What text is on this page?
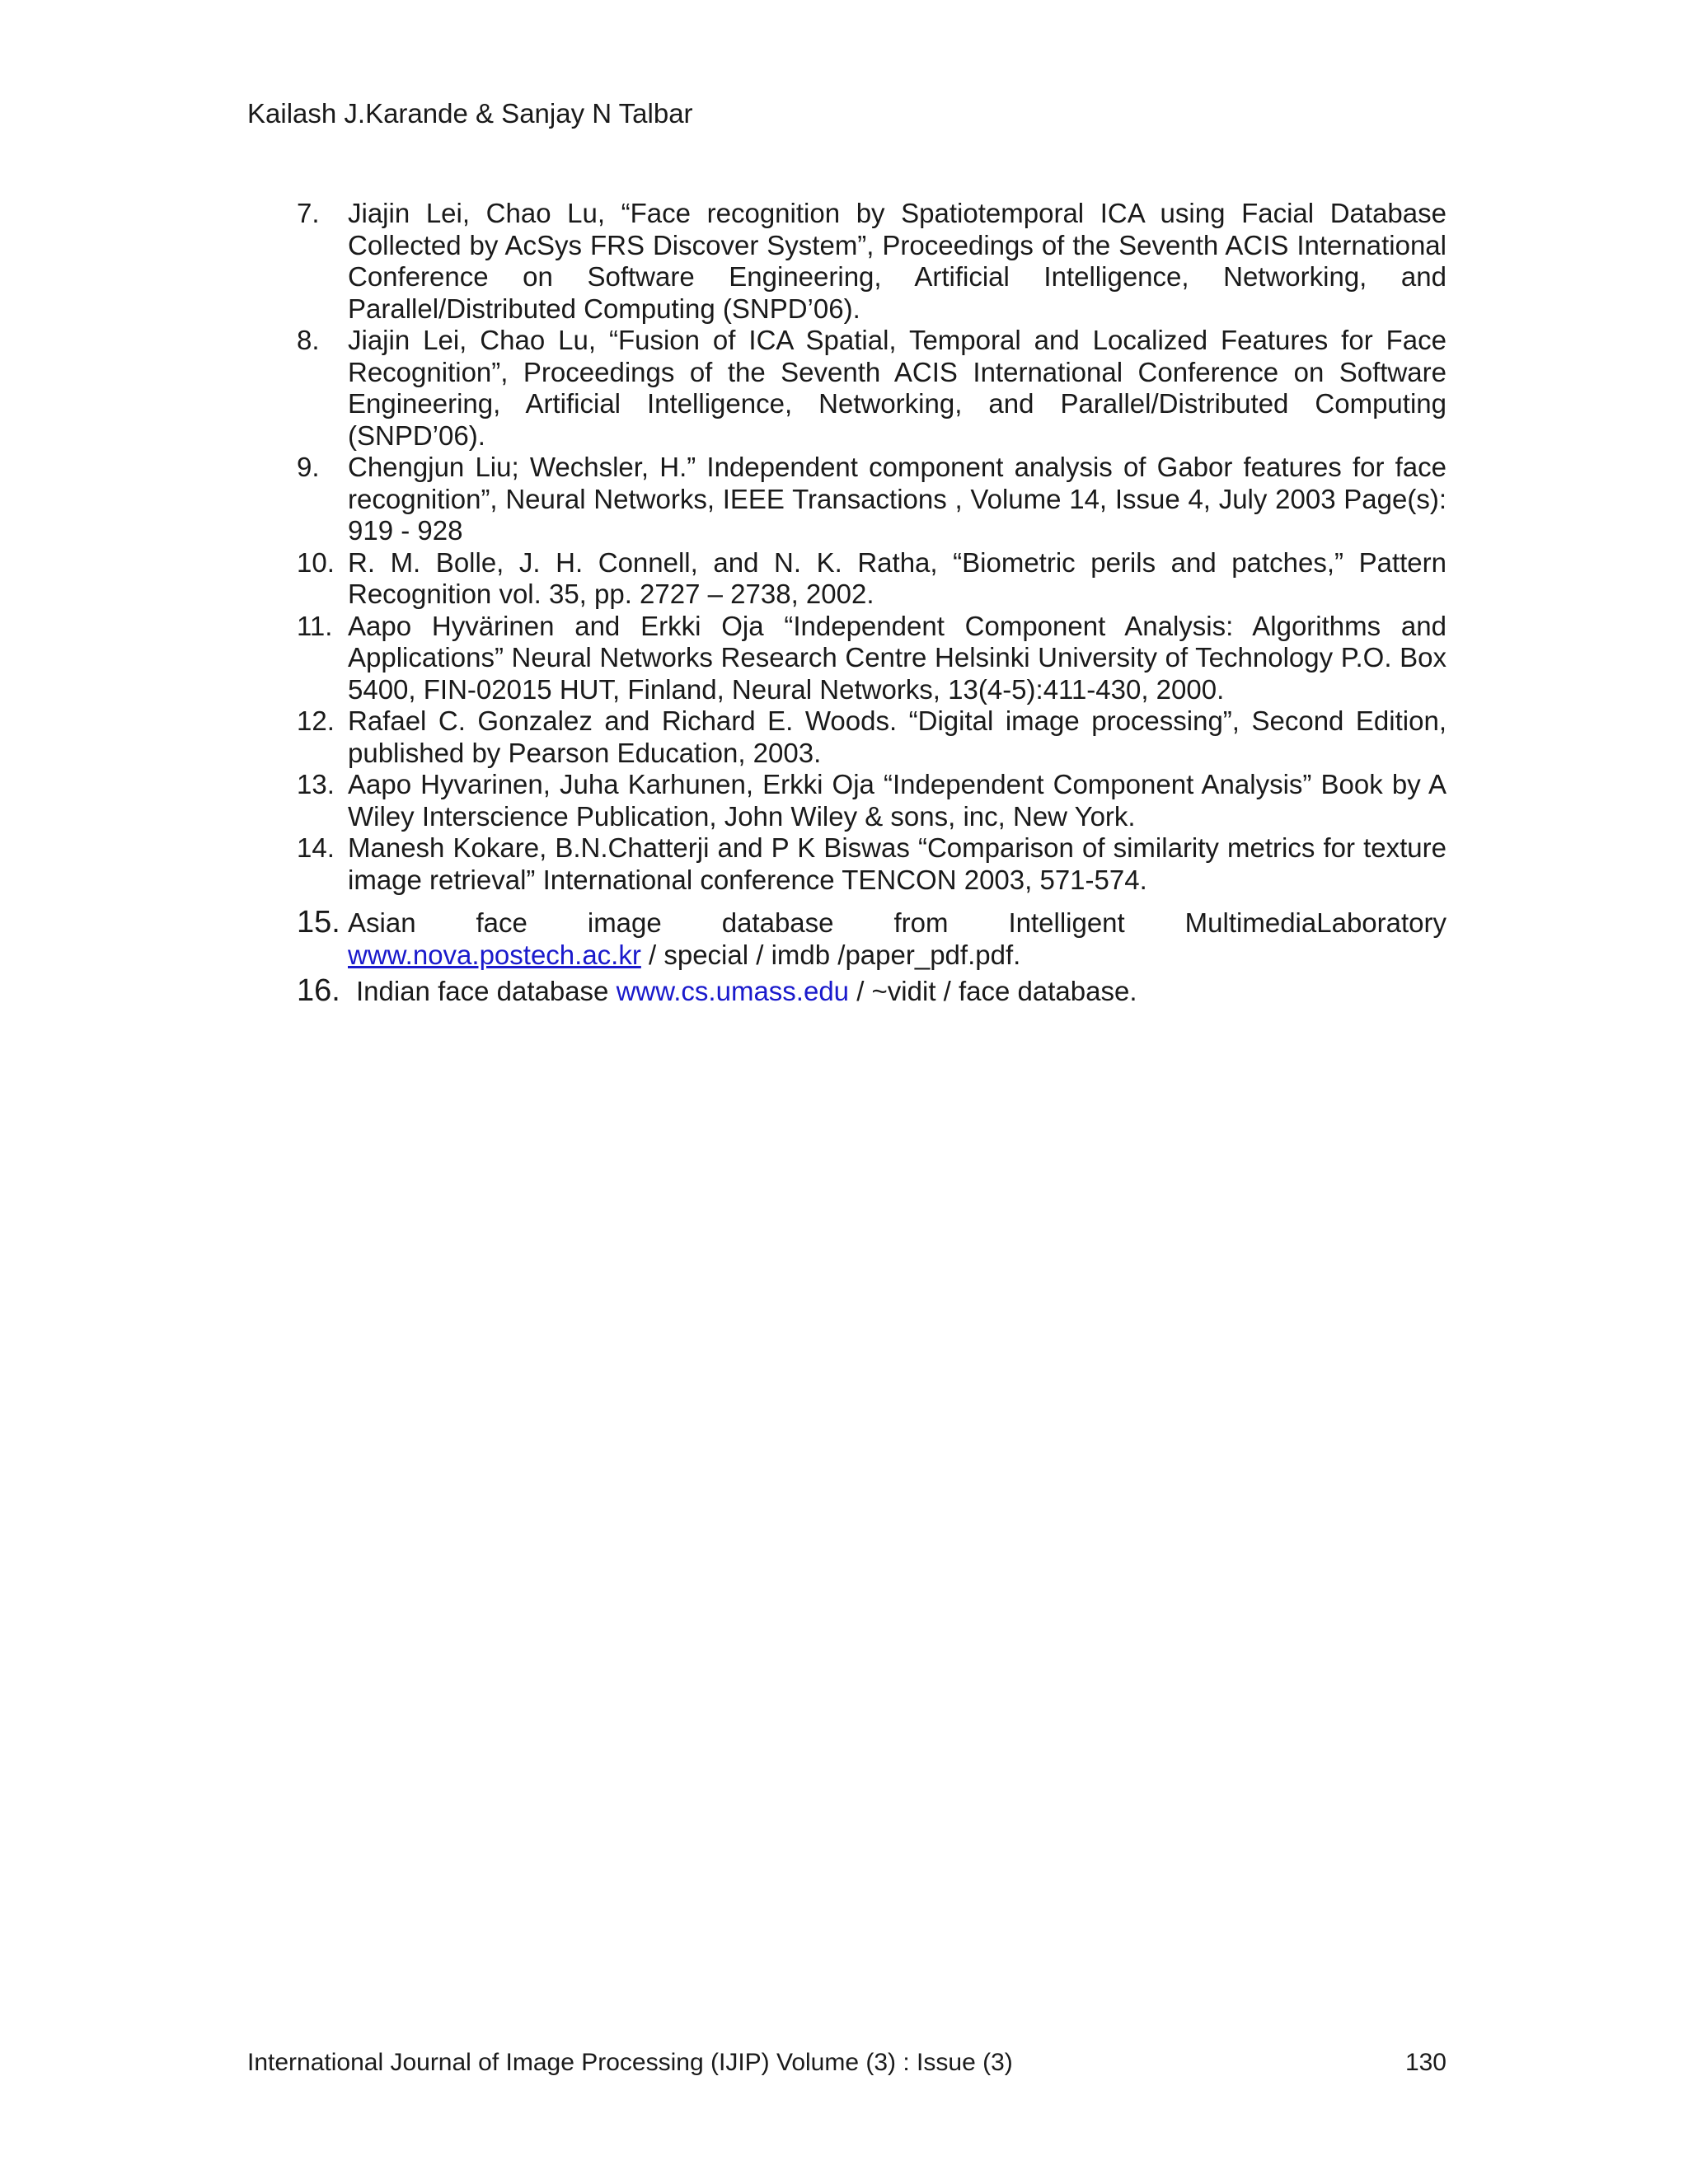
Kailash J.Karande & Sanjay N Talbar

7. Jiajin Lei, Chao Lu, “Face recognition by Spatiotemporal ICA using Facial Database Collected by AcSys FRS Discover System”, Proceedings of the Seventh ACIS International Conference on Software Engineering, Artificial Intelligence, Networking, and Parallel/Distributed Computing (SNPD’06).

8. Jiajin Lei, Chao Lu, “Fusion of ICA Spatial, Temporal and Localized Features for Face Recognition”, Proceedings of the Seventh ACIS International Conference on Software Engineering, Artificial Intelligence, Networking, and Parallel/Distributed Computing (SNPD’06).

9. Chengjun Liu; Wechsler, H.” Independent component analysis of Gabor features for face recognition”, Neural Networks, IEEE Transactions , Volume 14, Issue 4, July 2003 Page(s): 919 - 928

10. R. M. Bolle, J. H. Connell, and N. K. Ratha, “Biometric perils and patches,” Pattern Recognition vol. 35, pp. 2727 – 2738, 2002.

11. Aapo Hyvärinen and Erkki Oja “Independent Component Analysis: Algorithms and Applications” Neural Networks Research Centre Helsinki University of Technology P.O. Box 5400, FIN-02015 HUT, Finland, Neural Networks, 13(4-5):411-430, 2000.

12. Rafael C. Gonzalez and Richard E. Woods. “Digital image processing”, Second Edition, published by Pearson Education, 2003.

13. Aapo Hyvarinen, Juha Karhunen, Erkki Oja “Independent Component Analysis” Book by A Wiley Interscience Publication, John Wiley & sons, inc, New York.

14. Manesh Kokare, B.N.Chatterji and P K Biswas “Comparison of similarity metrics for texture image retrieval” International conference TENCON 2003, 571-574.

15. Asian face image database from Intelligent MultimediaLaboratory
www.nova.postech.ac.kr / special / imdb /paper_pdf.pdf.

16. Indian face database www.cs.umass.edu / ~vidit / face database.

International Journal of Image Processing (IJIP) Volume (3) : Issue (3)	130
